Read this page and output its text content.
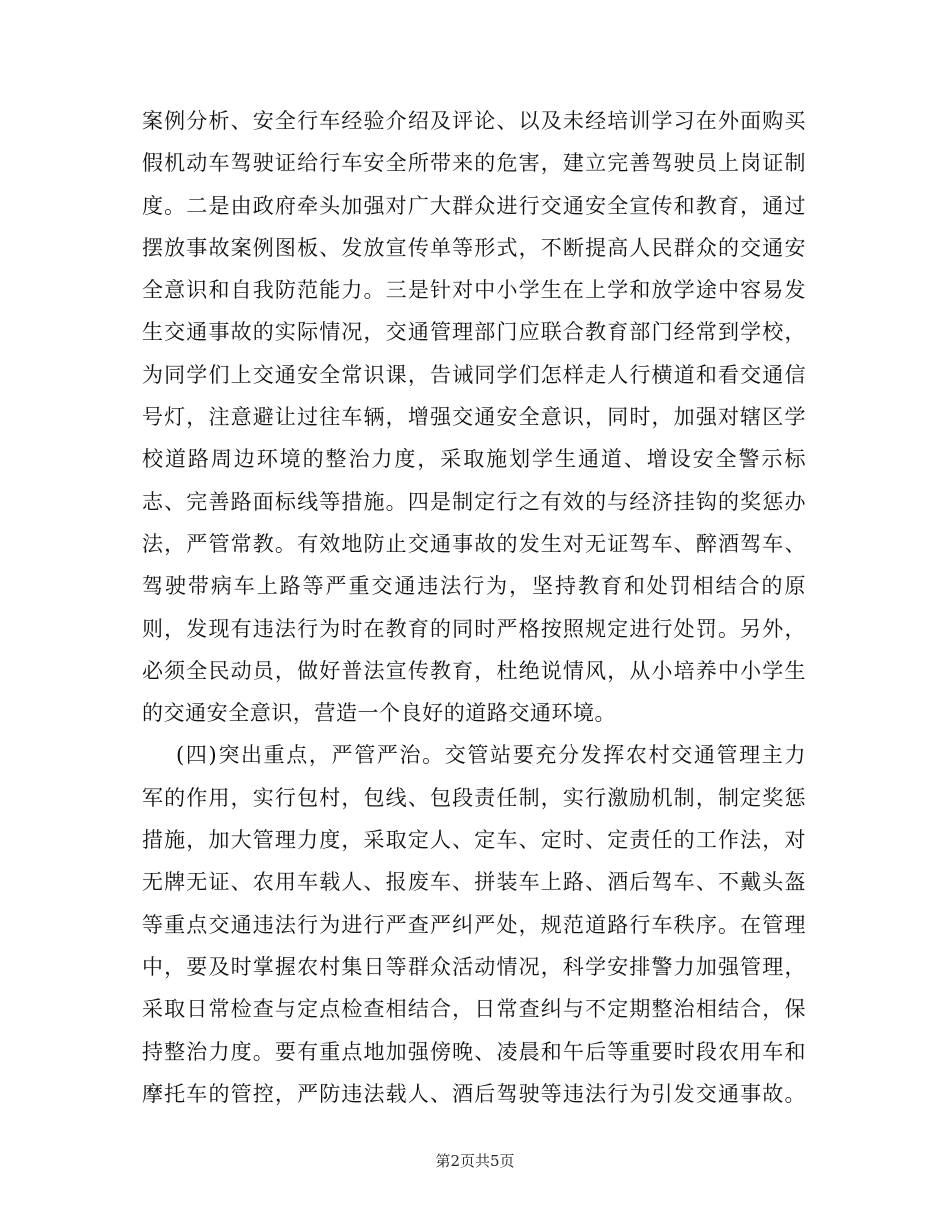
案例分析、安全行车经验介绍及评论、以及未经培训学习在外面购买
假机动车驾驶证给行车安全所带来的危害，建立完善驾驶员上岗证制
度。二是由政府牵头加强对广大群众进行交通安全宣传和教育，通过
摆放事故案例图板、发放宣传单等形式，不断提高人民群众的交通安
全意识和自我防范能力。三是针对中小学生在上学和放学途中容易发
生交通事故的实际情况，交通管理部门应联合教育部门经常到学校，
为同学们上交通安全常识课，告诫同学们怎样走人行横道和看交通信
号灯，注意避让过往车辆，增强交通安全意识，同时，加强对辖区学
校道路周边环境的整治力度，采取施划学生通道、增设安全警示标
志、完善路面标线等措施。四是制定行之有效的与经济挂钩的奖惩办
法，严管常教。有效地防止交通事故的发生对无证驾车、醉酒驾车、
驾驶带病车上路等严重交通违法行为，坚持教育和处罚相结合的原
则，发现有违法行为时在教育的同时严格按照规定进行处罚。另外，
必须全民动员，做好普法宣传教育，杜绝说情风，从小培养中小学生
的交通安全意识，营造一个良好的道路交通环境。
(四)突出重点，严管严治。交管站要充分发挥农村交通管理主力
军的作用，实行包村，包线、包段责任制，实行激励机制，制定奖惩
措施，加大管理力度，采取定人、定车、定时、定责任的工作法，对
无牌无证、农用车载人、报废车、拼装车上路、酒后驾车、不戴头盔
等重点交通违法行为进行严查严纠严处，规范道路行车秩序。在管理
中，要及时掌握农村集日等群众活动情况，科学安排警力加强管理，
采取日常检查与定点检查相结合，日常查纠与不定期整治相结合，保
持整治力度。要有重点地加强傍晚、凌晨和午后等重要时段农用车和
摩托车的管控，严防违法载人、酒后驾驶等违法行为引发交通事故。
第2页共5页
